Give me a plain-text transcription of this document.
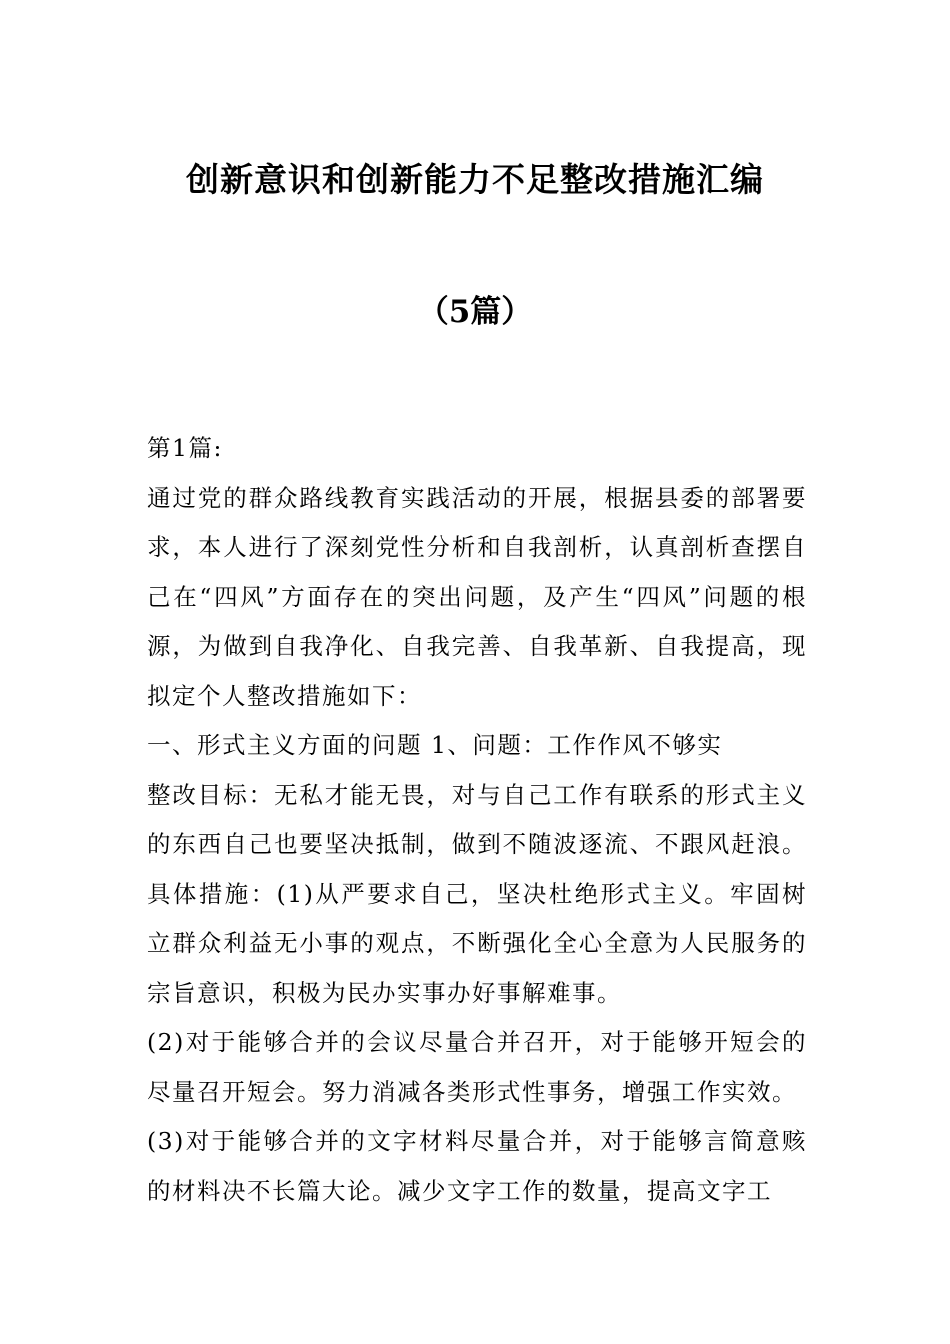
创新意识和创新能力不足整改措施汇编
（5篇）

第1篇:

通过党的群众路线教育实践活动的开展，根据县委的部署要求，本人进行了深刻党性分析和自我剖析，认真剖析查摆自己在“四风”方面存在的突出问题，及产生“四风”问题的根源，为做到自我净化、自我完善、自我革新、自我提高，现拟定个人整改措施如下：

一、形式主义方面的问题 1、问题：工作作风不够实

整改目标：无私才能无畏，对与自己工作有联系的形式主义的东西自己也要坚决抵制，做到不随波逐流、不跟风赶浪。具体措施：(1)从严要求自己，坚决杜绝形式主义。牢固树立群众利益无小事的观点，不断强化全心全意为人民服务的宗旨意识，积极为民办实事办好事解难事。

(2)对于能够合并的会议尽量合并召开，对于能够开短会的尽量召开短会。努力消减各类形式性事务，增强工作实效。

(3)对于能够合并的文字材料尽量合并，对于能够言简意赅的材料决不长篇大论。减少文字工作的数量，提高文字工
